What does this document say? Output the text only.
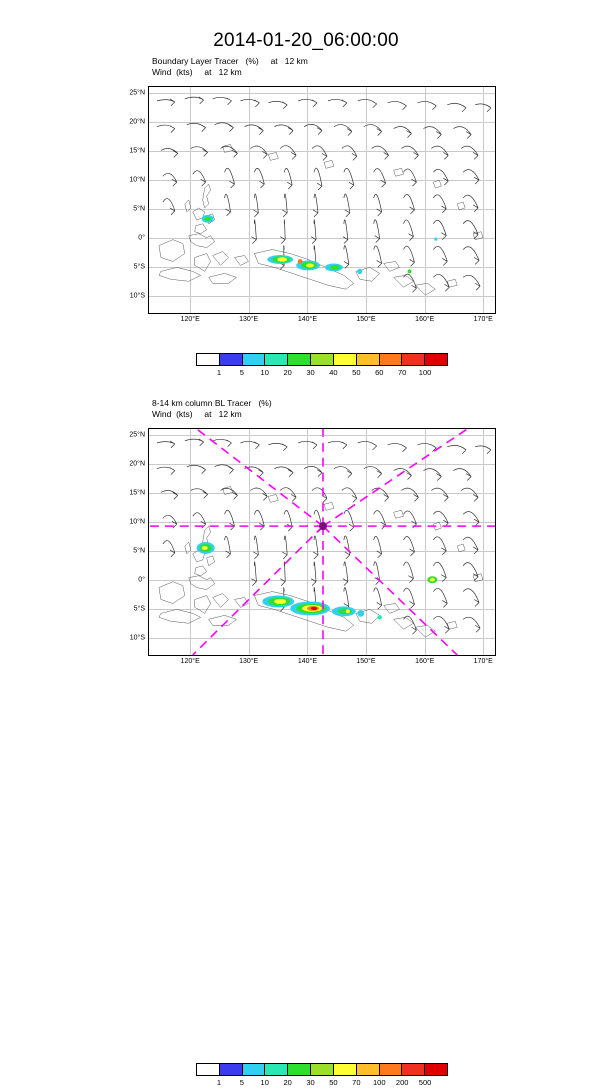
2014-01-20_06:00:00
Boundary Layer Tracer   (%)     at   12 km
Wind  (kts)     at   12 km
25°N
20°N
15°N
10°N
5°N
0°
5°S
10°S
120°E	130°E	140°E	150°E	160°E	170°E
1 5 10 20 30 40 50 60 70 100
8-14 km column BL Tracer   (%)
Wind  (kts)     at   12 km
25°N
20°N
15°N
10°N
5°N
0°
5°S
10°S
120°E	130°E	140°E	150°E	160°E	170°E
1 5 10 20 30 50 70 100 200 500
